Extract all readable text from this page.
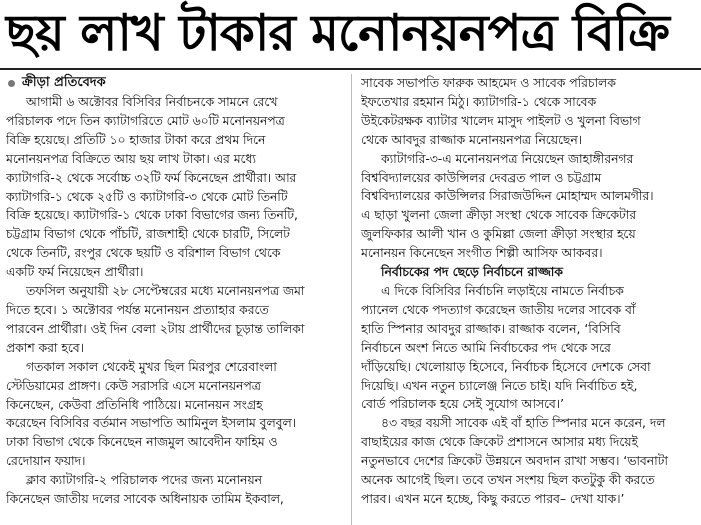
ছয় লাখ টাকার মনোনয়নপত্র বিক্রি
ক্রীড়া প্রতিবেদক
আগামী ৬ অক্টোবর বিসিবির নির্বাচনকে সামনে রেখে
পরিচালক পদে তিন ক্যাটাগরিতে মোট ৬০টি মনোনয়নপত্র
বিক্রি হয়েছে। প্রতিটি ১০ হাজার টাকা করে প্রথম দিনে
মনোনয়নপত্র বিক্রিতে আয় ছয় লাখ টাকা। এর মধ্যে
ক্যাটাগরি-২ থেকে সর্বোচ্চ ৩২টি ফর্ম কিনেছেন প্রার্থীরা। আর
ক্যাটাগরি-১ থেকে ২৫টি ও ক্যাটাগরি-৩ থেকে মোট তিনটি
বিক্রি হয়েছে। ক্যাটাগরি-১ থেকে ঢাকা বিভাগের জন্য তিনটি,
চট্টগ্রাম বিভাগ থেকে পাঁচটি, রাজশাহী থেকে চারটি, সিলেট
থেকে তিনটি, রংপুর থেকে ছয়টি ও বরিশাল বিভাগ থেকে
একটি ফর্ম নিয়েছেন প্রার্থীরা।
তফসিল অনুযায়ী ২৮ সেপ্টেম্বরের মধ্যে মনোনয়নপত্র জমা
দিতে হবে। ১ অক্টোবর পর্যন্ত মনোনয়ন প্রত্যাহার করতে
পারবেন প্রার্থীরা। ওই দিন বেলা ২টায় প্রার্থীদের চূড়ান্ত তালিকা
প্রকাশ করা হবে।
গতকাল সকাল থেকেই মুখর ছিল মিরপুর শেরেবাংলা
স্টেডিয়ামের প্রাঙ্গণ। কেউ সরাসরি এসে মনোনয়নপত্র
কিনেছেন, কেউবা প্রতিনিধি পাঠিয়ে। মনোনয়ন সংগ্রহ
করেছেন বিসিবির বর্তমান সভাপতি আমিনুল ইসলাম বুলবুল।
ঢাকা বিভাগ থেকে কিনেছেন নাজমুল আবেদীন ফাহিম ও
রেদোয়ান ফয়াদ।
ক্লাব ক্যাটাগরি-২ পরিচালক পদের জন্য মনোনয়ন
কিনেছেন জাতীয় দলের সাবেক অধিনায়ক তামিম ইকবাল,
সাবেক সভাপতি ফারুক আহমেদ ও সাবেক পরিচালক
ইফতেখার রহমান মিঠু। ক্যাটাগরি-১ থেকে সাবেক
উইকেটরক্ষক ব্যাটার খালেদ মাসুদ পাইলট ও খুলনা বিভাগ
থেকে আবদুর রাজ্জাক মনোনয়নপত্র নিয়েছেন।
ক্যাটাগরি-৩-এ মনোনয়নপত্র নিয়েছেন জাহাঙ্গীরনগর
বিশ্ববিদ্যালয়ের কাউন্সিলর দেবব্রত পাল ও চট্টগ্রাম
বিশ্ববিদ্যালয়ের কাউন্সিলর সিরাজউদ্দিন মোহাম্মদ আলমগীর।
এ ছাড়া খুলনা জেলা ক্রীড়া সংস্থা থেকে সাবেক ক্রিকেটার
জুলফিকার আলী খান ও কুমিল্লা জেলা ক্রীড়া সংস্থার হয়ে
মনোনয়ন কিনেছেন সংগীত শিল্পী আসিফ আকবর।
নির্বাচকের পদ ছেড়ে নির্বাচনে রাজ্জাক
এ দিকে বিসিবির নির্বাচনি লড়াইয়ে নামতে নির্বাচক
প্যানেল থেকে পদত্যাগ করেছেন জাতীয় দলের সাবেক বাঁ
হাতি স্পিনার আবদুর রাজ্জাক। রাজ্জাক বলেন, ‘বিসিবি
নির্বাচনে অংশ নিতে আমি নির্বাচকের পদ থেকে সরে
দাঁড়িয়েছি। খেলোয়াড় হিসেবে, নির্বাচক হিসেবে দেশকে সেবা
দিয়েছি। এখন নতুন চ্যালেঞ্জ নিতে চাই। যদি নির্বাচিত হই,
বোর্ড পরিচালক হয়ে সেই সুযোগ আসবে।’
৪৩ বছর বয়সী সাবেক এই বাঁ হাতি স্পিনার মনে করেন, দল
বাছাইয়ের কাজ থেকে ক্রিকেট প্রশাসনে আসার মধ্য দিয়েই
নতুনভাবে দেশের ক্রিকেট উন্নয়নে অবদান রাখা সম্ভব। ‘ভাবনাটা
অনেক আগেই ছিল। তবে তখন সংশয় ছিল কতটুকু কী করতে
পারব। এখন মনে হচ্ছে, কিছু করতে পারব– দেখা যাক।’
